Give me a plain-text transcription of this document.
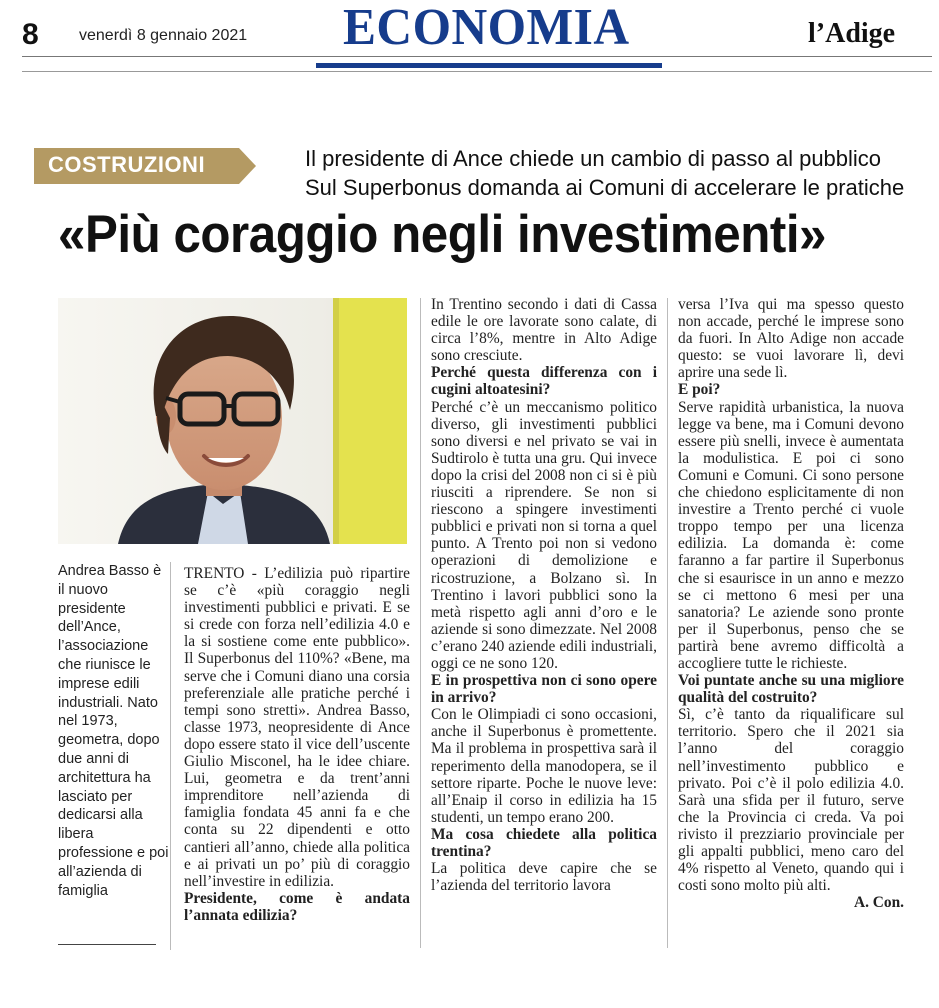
8	venerdì 8 gennaio 2021 ECONOMIA	l’Adige
COSTRUZIONI	Il presidente di Ance chiede un cambio di passo al pubblico
Sul Superbonus domanda ai Comuni di accelerare le pratiche
«Più coraggio negli investimenti»
Andrea Basso è il nuovo presidente dell’Ance, l’associazione che riunisce le imprese edili industriali. Nato nel 1973, geometra, dopo due anni di architettura ha lasciato per dedicarsi alla libera professione e poi all’azienda di famiglia

TRENTO - L’edilizia può ripartire se c’è «più coraggio negli investimenti pubblici e privati. E se si crede con forza nell’edilizia 4.0 e la si sostiene come ente pubblico». Il Superbonus del 110%? «Bene, ma serve che i Comuni diano una corsia preferenziale alle pratiche perché i tempi sono stretti». Andrea Basso, classe 1973, neopresidente di Ance dopo essere stato il vice dell’uscente Giulio Misconel, ha le idee chiare. Lui, geometra e da trent’anni imprenditore nell’azienda di famiglia fondata 45 anni fa e che conta su 22 dipendenti e otto cantieri all’anno, chiede alla politica e ai privati un po’ più di coraggio nell’investire in edilizia.

Presidente, come è andata l’annata edilizia?

In Trentino secondo i dati di Cassa edile le ore lavorate sono calate, di circa l’8%, mentre in Alto Adige sono cresciute.

Perché questa differenza con i cugini altoatesini?

Perché c’è un meccanismo politico diverso, gli investimenti pubblici sono diversi e nel privato se vai in Sudtirolo è tutta una gru. Qui invece dopo la crisi del 2008 non ci si è più riusciti a riprendere. Se non si riescono a spingere investimenti pubblici e privati non si torna a quel punto. A Trento poi non si vedono operazioni di demolizione e ricostruzione, a Bolzano sì. In Trentino i lavori pubblici sono la metà rispetto agli anni d’oro e le aziende si sono dimezzate. Nel 2008 c’erano 240 aziende edili industriali, oggi ce ne sono 120.

E in prospettiva non ci sono opere in arrivo?

Con le Olimpiadi ci sono occasioni, anche il Superbonus è promettente. Ma il problema in prospettiva sarà il reperimento della manodopera, se il settore riparte. Poche le nuove leve: all’Enaip il corso in edilizia ha 15 studenti, un tempo erano 200.

Ma cosa chiedete alla politica trentina?

La politica deve capire che se l’azienda del territorio lavora

versa l’Iva qui ma spesso questo non accade, perché le imprese sono da fuori. In Alto Adige non accade questo: se vuoi lavorare lì, devi aprire una sede lì.

E poi?

Serve rapidità urbanistica, la nuova legge va bene, ma i Comuni devono essere più snelli, invece è aumentata la modulistica. E poi ci sono Comuni e Comuni. Ci sono persone che chiedono esplicitamente di non investire a Trento perché ci vuole troppo tempo per una licenza edilizia. La domanda è: come faranno a far partire il Superbonus che si esaurisce in un anno e mezzo se ci mettono 6 mesi per una sanatoria? Le aziende sono pronte per il Superbonus, penso che se partirà bene avremo difficoltà a accogliere tutte le richieste.

Voi puntate anche su una migliore qualità del costruito?

Sì, c’è tanto da riqualificare sul territorio. Spero che il 2021 sia l’anno del coraggio nell’investimento pubblico e privato. Poi c’è il polo edilizia 4.0. Sarà una sfida per il futuro, serve che la Provincia ci creda. Va poi rivisto il prezziario provinciale per gli appalti pubblici, meno caro del 4% rispetto al Veneto, quando qui i costi sono molto più alti.

A. Con.
